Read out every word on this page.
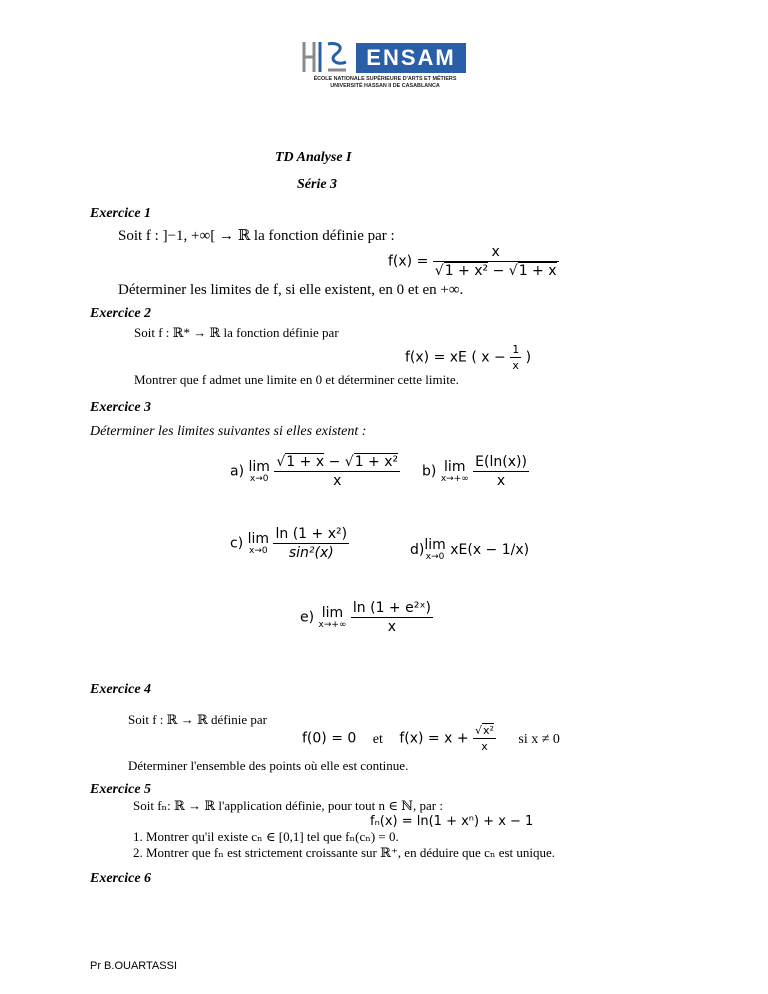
ENSAM
ÉCOLE NATIONALE SUPÉRIEURE D'ARTS ET MÉTIERS
UNIVERSITÉ HASSAN II DE CASABLANCA
TD Analyse I
Série 3
Exercice 1
Soit f : ]−1, +∞[ → ℝ la fonction définie par :
$f(x) = \frac{x}{\text{√1 + x² − √1 + x}}$
Déterminer les limites de f, si elle existent, en 0 et en +∞.
Exercice 2
Soit f : ℝ* → ℝ la fonction définie par
f(x) = xE ( $x - \frac{1}{x}$ )
Montrer que f admet une limite en 0 et déterminer cette limite.
Exercice 3
Déterminer les limites suivantes si elles existent :
a) lim
x→0
$\frac{\text{√1 + x − √1 + x²}}{x} b$) lim
x→+∞
$\frac{E(\ln(x))}{x}$
c) lim
x→0
$\frac{\text{ln (1 + x²)}}{\text{sin²(x)}}$	d)lim
x→0 xE(x − 1/x)
e) lim
x→+∞
$\frac{\text{ln (1 + e²ˣ)}}{x}$
Exercice 4
Soit f : ℝ → ℝ définie par
f(0) = 0 et $f(x) = x + \frac{\text{√x²}}{x}$ si x ≠ 0
Déterminer l'ensemble des points où elle est continue.
Exercice 5
Soit fₙ: ℝ → ℝ l'application définie, pour tout n ∈ ℕ, par :
fₙ(x) = ln(1 + xⁿ) + x − 1
1. Montrer qu'il existe cₙ ∈ [0,1] tel que fₙ(cₙ) = 0.
2. Montrer que fₙ est strictement croissante sur ℝ⁺, en déduire que cₙ est unique.
Exercice 6
Pr B.OUARTASSI
